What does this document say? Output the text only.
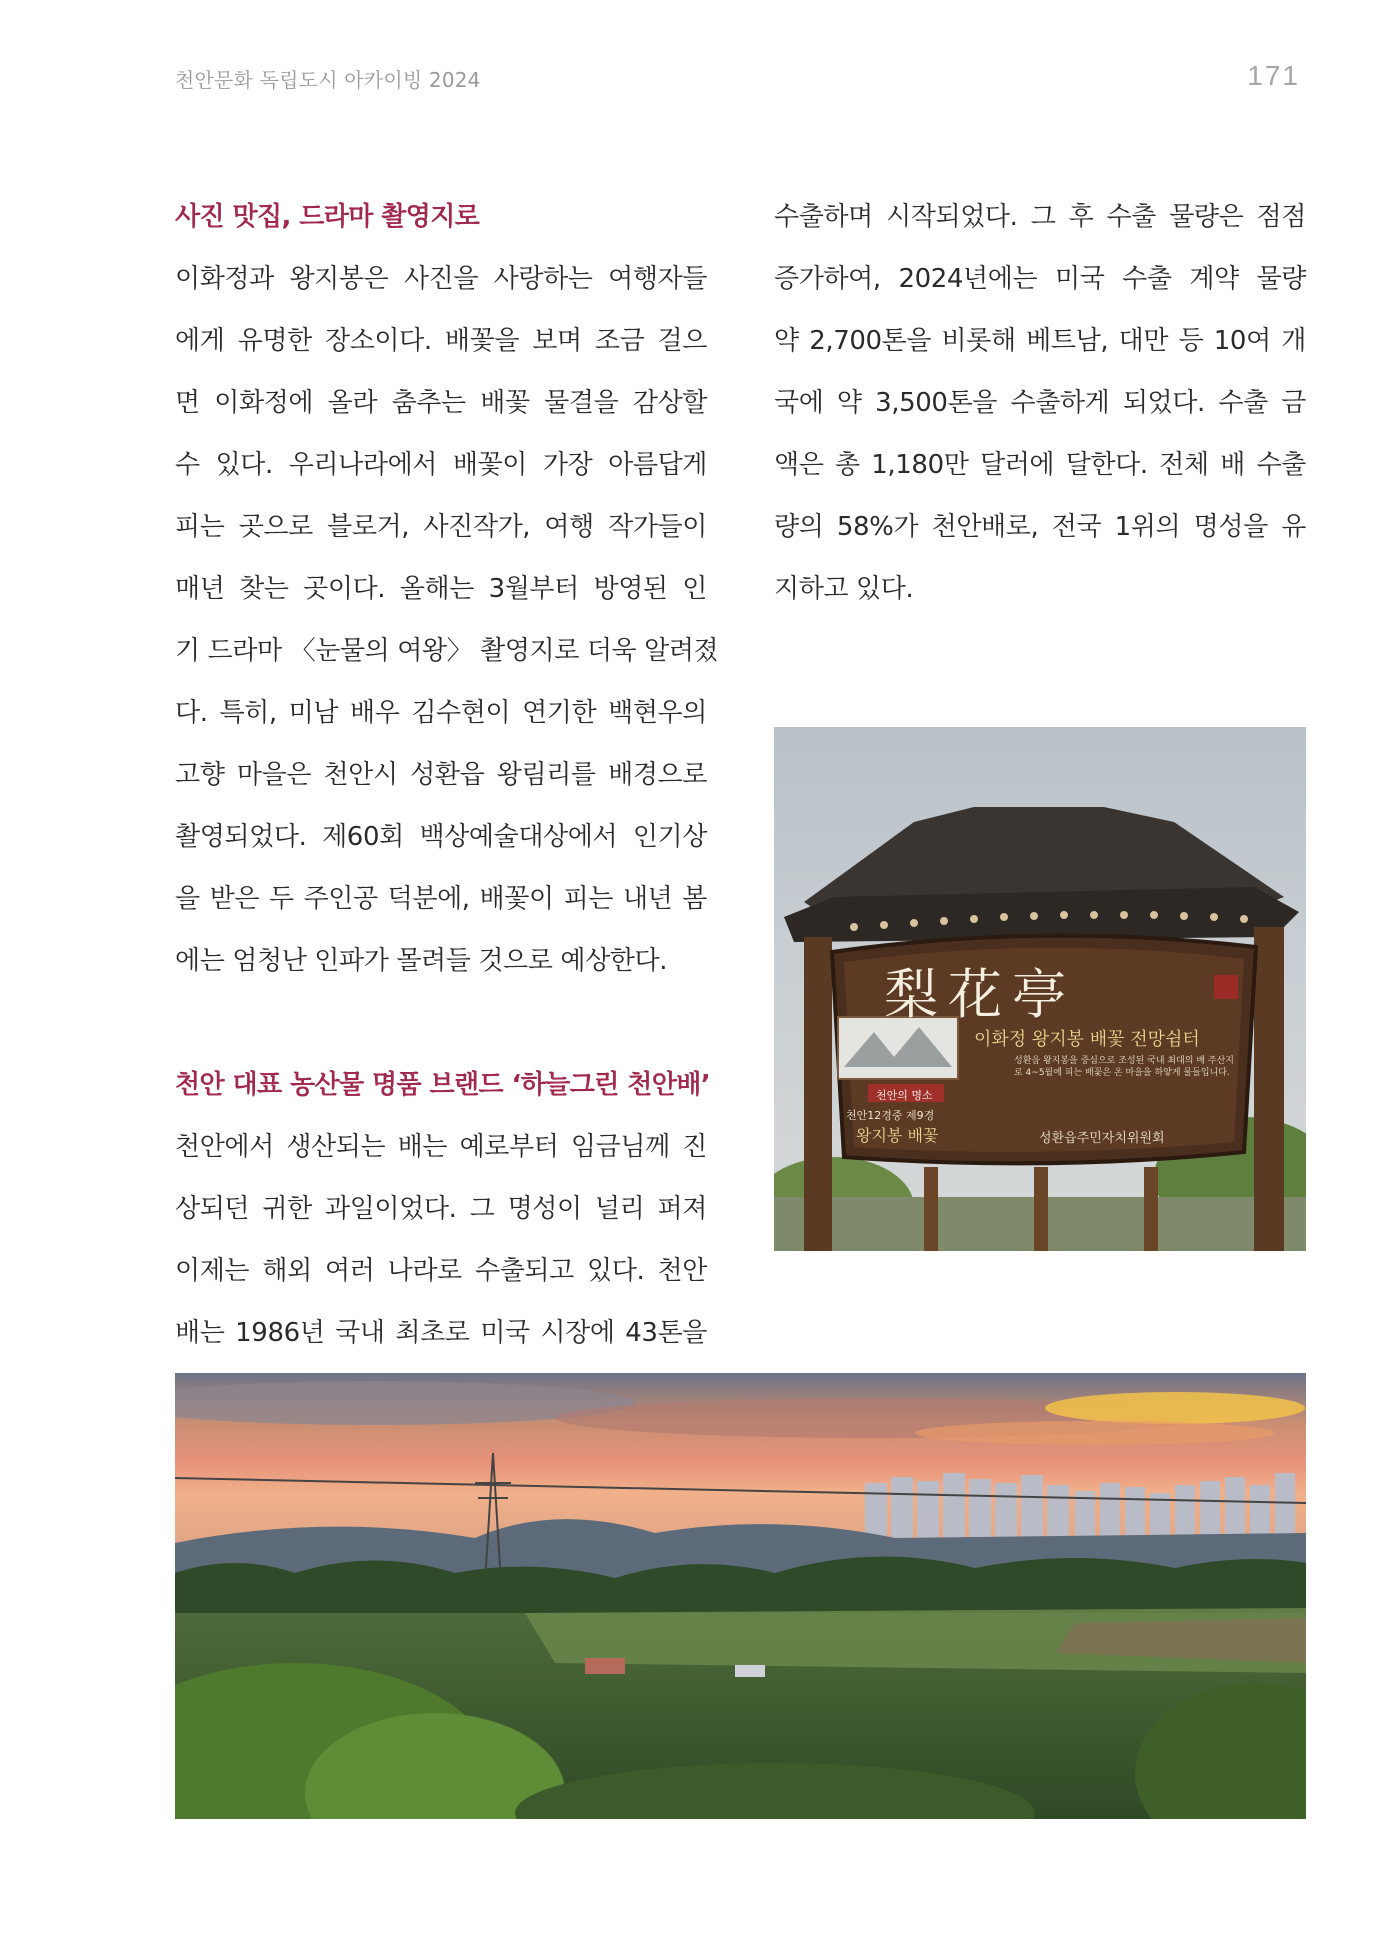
천안문화 독립도시 아카이빙 2024	171

사진 맛집, 드라마 촬영지로

이화정과 왕지봉은 사진을 사랑하는 여행자들

에게 유명한 장소이다. 배꽃을 보며 조금 걸으

면 이화정에 올라 춤추는 배꽃 물결을 감상할

수 있다. 우리나라에서 배꽃이 가장 아름답게

피는 곳으로 블로거, 사진작가, 여행 작가들이

매년 찾는 곳이다. 올해는 3월부터 방영된 인

기 드라마 〈눈물의 여왕〉 촬영지로 더욱 알려졌

다. 특히, 미남 배우 김수현이 연기한 백현우의

고향 마을은 천안시 성환읍 왕림리를 배경으로

촬영되었다. 제60회 백상예술대상에서 인기상

을 받은 두 주인공 덕분에, 배꽃이 피는 내년 봄

에는 엄청난 인파가 몰려들 것으로 예상한다.

천안 대표 농산물 명품 브랜드 ‘하늘그린 천안배’

천안에서 생산되는 배는 예로부터 임금님께 진

상되던 귀한 과일이었다. 그 명성이 널리 퍼져

이제는 해외 여러 나라로 수출되고 있다. 천안

배는 1986년 국내 최초로 미국 시장에 43톤을

수출하며 시작되었다. 그 후 수출 물량은 점점

증가하여, 2024년에는 미국 수출 계약 물량

약 2,700톤을 비롯해 베트남, 대만 등 10여 개

국에 약 3,500톤을 수출하게 되었다. 수출 금

액은 총 1,180만 달러에 달한다. 전체 배 수출

량의 58%가 천안배로, 전국 1위의 명성을 유

지하고 있다.

梨花亭
이화정 왕지봉 배꽃 전망쉼터
성환읍 왕지봉을 중심으로 조성된 국내 최대의 배 주산지로 4~5월에 피는 배꽃은 온 마을을 하얗게 물들입니다.
천안의 명소
천안12경중 제9경
왕지봉 배꽃	성환읍주민자치위원회
